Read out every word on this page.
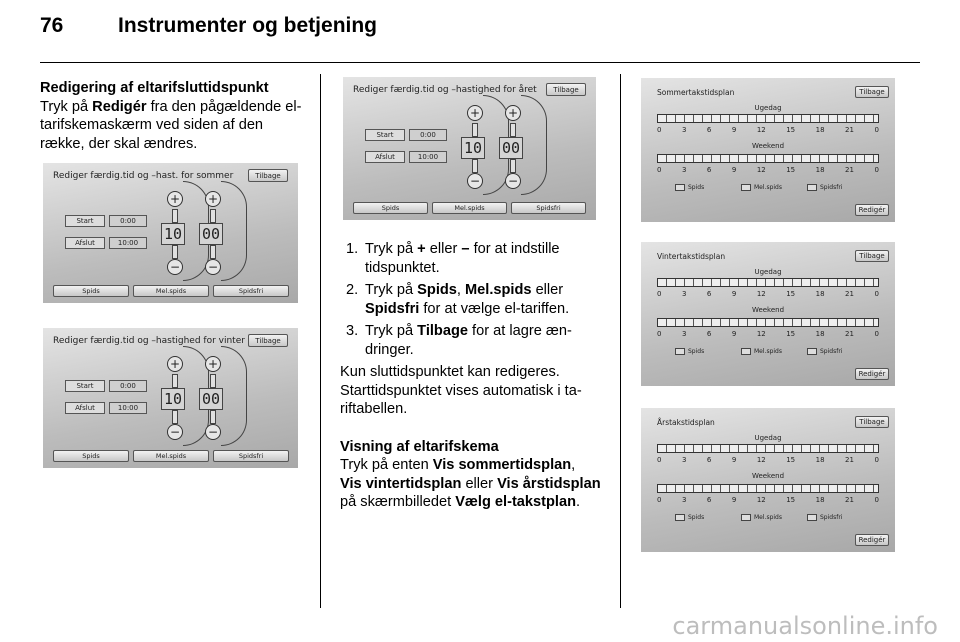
76	Instrumenter og betjening
Redigering af eltarifsluttidspunkt
Tryk på Redigér fra den pågældende el-tarifskemaskærm ved siden af den række, der skal ændres.
Rediger færdig.tid og –hast. for sommer	Tilbage
Start	0:00
Afslut	10:00
+
10
−
+
00
−
Spids	Mel.spids	Spidsfri
Rediger færdig.tid og –hastighed for vinter	Tilbage
Start	0:00
Afslut	10:00
+
10
−
+
00
−
Spids	Mel.spids	Spidsfri
Rediger færdig.tid og –hastighed for året	Tilbage
Start	0:00
Afslut	10:00
+
10
−
+
00
−
Spids	Mel.spids	Spidsfri
1. Tryk på + eller – for at indstille tidspunktet.
2. Tryk på Spids, Mel.spids eller Spidsfri for at vælge el-tariffen.
3. Tryk på Tilbage for at lagre æn-dringer.
Kun sluttidspunktet kan redigeres. Starttidspunktet vises automatisk i ta-riftabellen.
Visning af eltarifskema
Tryk på enten Vis sommertidsplan,
Vis vintertidsplan eller Vis årstidsplan på skærmbilledet Vælg el-takstplan.
Sommertakstidsplan	Tilbage
Ugedag
0	3	6	9	12	15	18	21	0
Weekend
0	3	6	9	12	15	18	21	0
Spids	Mel.spids	Spidsfri
Redigér
Vintertakstidsplan	Tilbage
Ugedag
0	3	6	9	12	15	18	21	0
Weekend
0	3	6	9	12	15	18	21	0
Spids	Mel.spids	Spidsfri
Redigér
Årstakstidsplan	Tilbage
Ugedag
0	3	6	9	12	15	18	21	0
Weekend
0	3	6	9	12	15	18	21	0
Spids	Mel.spids	Spidsfri
Redigér
carmanualsonline.info
